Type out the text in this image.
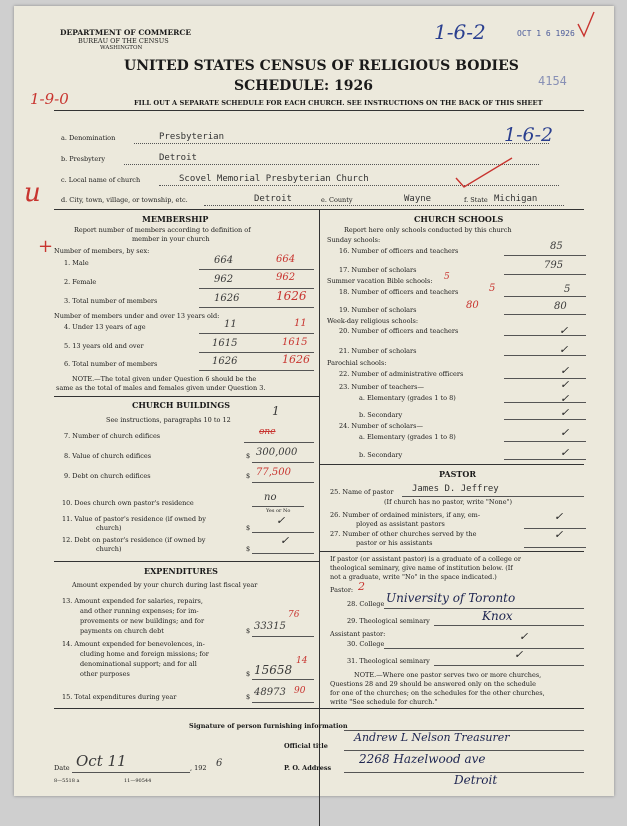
DEPARTMENT OF COMMERCE
BUREAU OF THE CENSUS
WASHINGTON
UNITED STATES CENSUS OF RELIGIOUS BODIES
SCHEDULE: 1926
FILL OUT A SEPARATE SCHEDULE FOR EACH CHURCH. SEE INSTRUCTIONS ON THE BACK OF THIS SHEET
OCT 1 6 1926
4154
1-6-2
1-9-0
1-6-2
a. Denomination	Presbyterian
b. Presbytery	Detroit
c. Local name of church	Scovel Memorial Presbyterian Church
d. City, town, village, or township, etc.	Detroit	e. County	Wayne	f. State Michigan
u
+
MEMBERSHIP
Report number of members according to definition of
member in your church
Number of members, by sex:
1. Male	664	664
2. Female	962	962
3. Total number of members	1626	1626
Number of members under and over 13 years old:
4. Under 13 years of age	11	11
5. 13 years old and over	1615	1615
6. Total number of members	1626	1626
NOTE.—The total given under Question 6 should be the
same as the total of males and females given under Question 3.
CHURCH BUILDINGS
See instructions, paragraphs 10 to 12
1
7. Number of church edifices	one
8. Value of church edifices	$ 300,000
9. Debt on church edifices	$ 77,500
10. Does church own pastor's residence	no
Yes or No
11. Value of pastor's residence (if owned by
church)	$
✓
12. Debt on pastor's residence (if owned by
church)	$
✓
EXPENDITURES
Amount expended by your church during last fiscal year
13. Amount expended for salaries, repairs,
and other running expenses; for im-
provements or new buildings; and for
payments on church debt	$ 33315
76
14. Amount expended for benevolences, in-
cluding home and foreign missions; for
denominational support; and for all
other purposes	$ 15658
14
15. Total expenditures during year	$ 48973 90
CHURCH SCHOOLS
Report here only schools conducted by this church
Sunday schools:
16. Number of officers and teachers	85
17. Number of scholars	795
Summer vacation Bible schools: 5
18. Number of officers and teachers	5	5
19. Number of scholars	80	80
Week-day religious schools:
20. Number of officers and teachers	✓
21. Number of scholars	✓
Parochial schools:
22. Number of administrative officers	✓
23. Number of teachers—	✓
a. Elementary (grades 1 to 8)	✓
b. Secondary	✓
24. Number of scholars—
a. Elementary (grades 1 to 8)	✓
b. Secondary	✓
PASTOR
25. Name of pastor James D. Jeffrey
(If church has no pastor, write "None")
26. Number of ordained ministers, if any, em-
ployed as assistant pastors
✓
27. Number of other churches served by the
pastor or his assistants
✓
If pastor (or assistant pastor) is a graduate of a college or
theological seminary, give name of institution below. (If
not a graduate, write "No" in the space indicated.)
Pastor: 2
28. College University of Toronto
29. Theological seminary	Knox
Assistant pastor:
30. College
✓
31. Theological seminary	✓
NOTE.—Where one pastor serves two or more churches,
Questions 28 and 29 should be answered only on the schedule
for one of the churches; on the schedules for the other churches,
write "See schedule for church."
Signature of person furnishing information
Official title
Andrew L Nelson Treasurer
Date Oct 11	, 192 6	P. O. Address
2268 Hazelwood ave
Detroit
8—5518 a	11—90544
